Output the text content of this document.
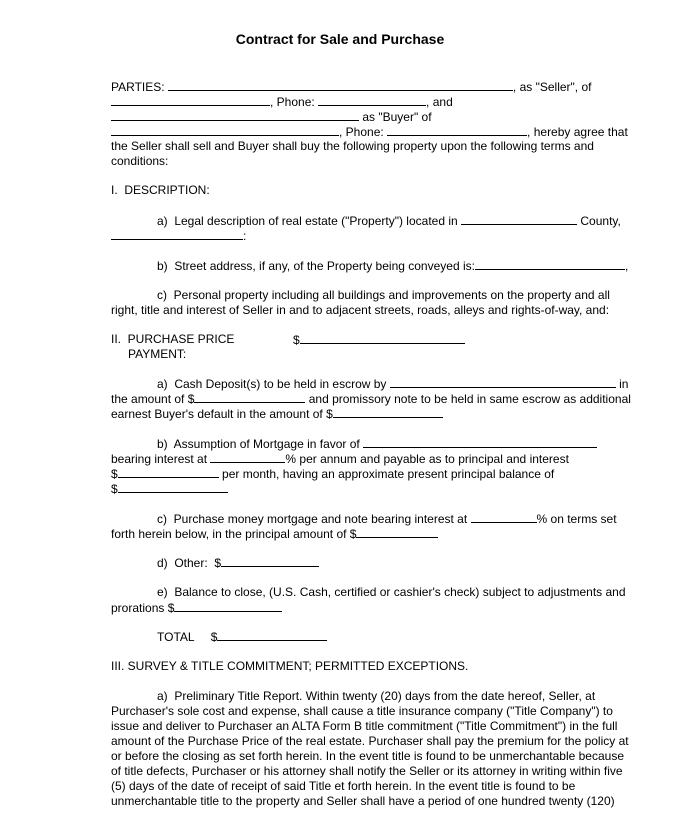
Contract for Sale and Purchase
PARTIES:	, as "Seller", of
, Phone:	, and
as "Buyer" of
, Phone:	, hereby agree that
the Seller shall sell and Buyer shall buy the following property upon the following terms and
conditions:
I.  DESCRIPTION:
a)  Legal description of real estate ("Property") located in	County,
:
b)  Street address, if any, of the Property being conveyed is:	,
c)  Personal property including all buildings and improvements on the property and all
right, title and interest of Seller in and to adjacent streets, roads, alleys and rights-of-way, and:
II.  PURCHASE PRICE	$
PAYMENT:
a)  Cash Deposit(s) to be held in escrow by	in
the amount of $	and promissory note to be held in same escrow as additional
earnest Buyer's default in the amount of $
b)  Assumption of Mortgage in favor of
bearing interest at	% per annum and payable as to principal and interest
$	per month, having an approximate present principal balance of
$
c)  Purchase money mortgage and note bearing interest at	% on terms set
forth herein below, in the principal amount of $
d)  Other:  $
e)  Balance to close, (U.S. Cash, certified or cashier's check) subject to adjustments and
prorations $
TOTAL     $
III. SURVEY & TITLE COMMITMENT; PERMITTED EXCEPTIONS.
a)  Preliminary Title Report. Within twenty (20) days from the date hereof, Seller, at
Purchaser's sole cost and expense, shall cause a title insurance company ("Title Company") to
issue and deliver to Purchaser an ALTA Form B title commitment ("Title Commitment") in the full
amount of the Purchase Price of the real estate. Purchaser shall pay the premium for the policy at
or before the closing as set forth herein. In the event title is found to be unmerchantable because
of title defects, Purchaser or his attorney shall notify the Seller or its attorney in writing within five
(5) days of the date of receipt of said Title et forth herein. In the event title is found to be
unmerchantable title to the property and Seller shall have a period of one hundred twenty (120)
